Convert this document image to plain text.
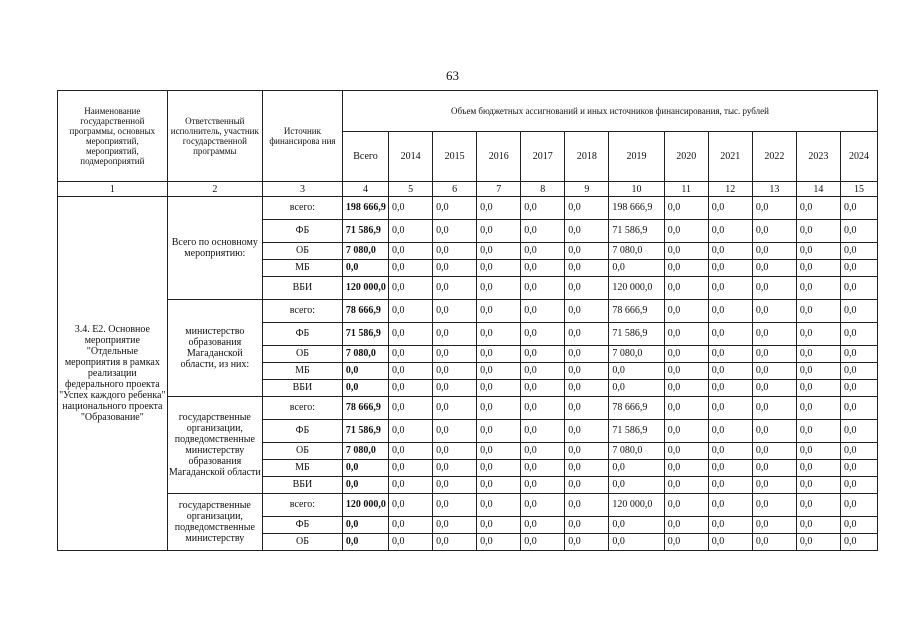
63
Наименование государственной программы, основных мероприятий, мероприятий, подмероприятий	Ответственный исполнитель, участник государственной программы	Источник финансирова ния	Объем бюджетных ассигнований и иных источников финансирования, тыс. рублей											
			Всего	2014	2015	2016	2017	2018	2019	2020	2021	2022	2023	2024
1	2	3	4	5	6	7	8	9	10	11	12	13	14	15
3.4. Е2. Основное мероприятие "Отдельные мероприятия в рамках реализации федерального проекта "Успех каждого ребенка" национального проекта "Образование"	Всего по основному мероприятию:	всего:	198 666,9	0,0	0,0	0,0	0,0	0,0	198 666,9	0,0	0,0	0,0	0,0	0,0
		ФБ	71 586,9	0,0	0,0	0,0	0,0	0,0	71 586,9	0,0	0,0	0,0	0,0	0,0
		ОБ	7 080,0	0,0	0,0	0,0	0,0	0,0	7 080,0	0,0	0,0	0,0	0,0	0,0
		МБ	0,0	0,0	0,0	0,0	0,0	0,0	0,0	0,0	0,0	0,0	0,0	0,0
		ВБИ	120 000,0	0,0	0,0	0,0	0,0	0,0	120 000,0	0,0	0,0	0,0	0,0	0,0
	министерство образования Магаданской области, из них:	всего:	78 666,9	0,0	0,0	0,0	0,0	0,0	78 666,9	0,0	0,0	0,0	0,0	0,0
		ФБ	71 586,9	0,0	0,0	0,0	0,0	0,0	71 586,9	0,0	0,0	0,0	0,0	0,0
		ОБ	7 080,0	0,0	0,0	0,0	0,0	0,0	7 080,0	0,0	0,0	0,0	0,0	0,0
		МБ	0,0	0,0	0,0	0,0	0,0	0,0	0,0	0,0	0,0	0,0	0,0	0,0
		ВБИ	0,0	0,0	0,0	0,0	0,0	0,0	0,0	0,0	0,0	0,0	0,0	0,0
	государственные организации, подведомственные министерству образования Магаданской области	всего:	78 666,9	0,0	0,0	0,0	0,0	0,0	78 666,9	0,0	0,0	0,0	0,0	0,0
		ФБ	71 586,9	0,0	0,0	0,0	0,0	0,0	71 586,9	0,0	0,0	0,0	0,0	0,0
		ОБ	7 080,0	0,0	0,0	0,0	0,0	0,0	7 080,0	0,0	0,0	0,0	0,0	0,0
		МБ	0,0	0,0	0,0	0,0	0,0	0,0	0,0	0,0	0,0	0,0	0,0	0,0
		ВБИ	0,0	0,0	0,0	0,0	0,0	0,0	0,0	0,0	0,0	0,0	0,0	0,0
	государственные организации, подведомственные министерству	всего:	120 000,0	0,0	0,0	0,0	0,0	0,0	120 000,0	0,0	0,0	0,0	0,0	0,0
		ФБ	0,0	0,0	0,0	0,0	0,0	0,0	0,0	0,0	0,0	0,0	0,0	0,0
		ОБ	0,0	0,0	0,0	0,0	0,0	0,0	0,0	0,0	0,0	0,0	0,0	0,0
